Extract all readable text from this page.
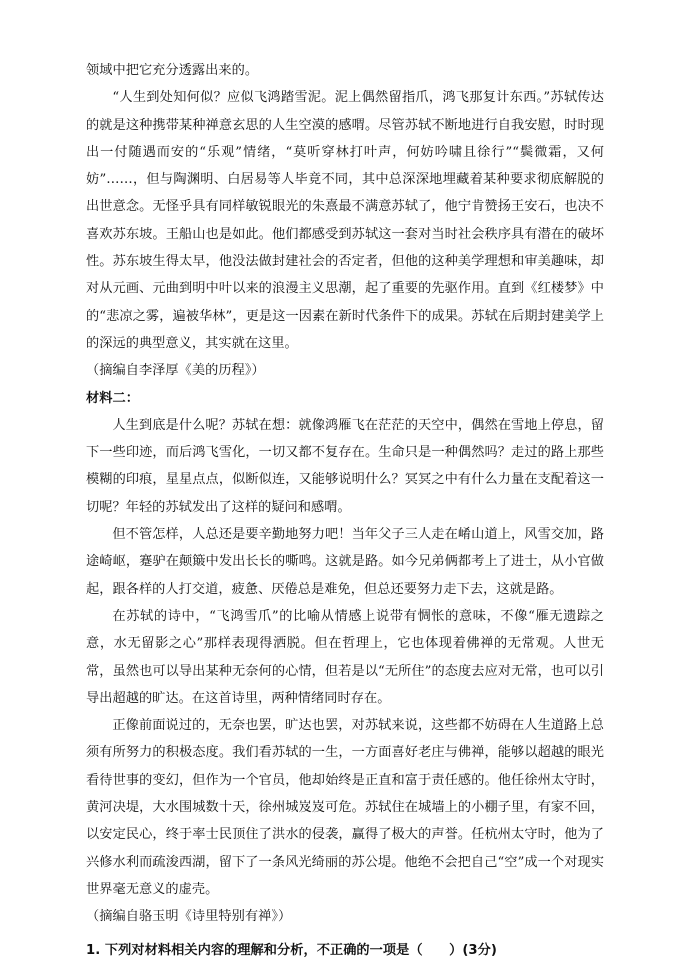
领域中把它充分透露出来的。

“人生到处知何似？应似飞鸿踏雪泥。泥上偶然留指爪，鸿飞那复计东西。”苏轼传达的就是这种携带某种禅意玄思的人生空漠的感喟。尽管苏轼不断地进行自我安慰，时时现出一付随遇而安的“乐观”情绪，“莫听穿林打叶声，何妨吟啸且徐行”“鬓微霜，又何妨”……，但与陶渊明、白居易等人毕竟不同，其中总深深地埋藏着某种要求彻底解脱的出世意念。无怪乎具有同样敏锐眼光的朱熹最不满意苏轼了，他宁肯赞扬王安石，也决不喜欢苏东坡。王船山也是如此。他们都感受到苏轼这一套对当时社会秩序具有潜在的破坏性。苏东坡生得太早，他没法做封建社会的否定者，但他的这种美学理想和审美趣味，却对从元画、元曲到明中叶以来的浪漫主义思潮，起了重要的先驱作用。直到《红楼梦》中的“悲凉之雾，遍被华林”，更是这一因素在新时代条件下的成果。苏轼在后期封建美学上的深远的典型意义，其实就在这里。

（摘编自李泽厚《美的历程》）

材料二：

人生到底是什么呢？苏轼在想：就像鸿雁飞在茫茫的天空中，偶然在雪地上停息，留下一些印迹，而后鸿飞雪化，一切又都不复存在。生命只是一种偶然吗？走过的路上那些模糊的印痕，星星点点，似断似连，又能够说明什么？冥冥之中有什么力量在支配着这一切呢？年轻的苏轼发出了这样的疑问和感喟。

但不管怎样，人总还是要辛勤地努力吧！当年父子三人走在崤山道上，风雪交加，路途崎岖，蹇驴在颠簸中发出长长的嘶鸣。这就是路。如今兄弟俩都考上了进士，从小官做起，跟各样的人打交道，疲惫、厌倦总是难免，但总还要努力走下去，这就是路。

在苏轼的诗中，“飞鸿雪爪”的比喻从情感上说带有惆怅的意味，不像“雁无遗踪之意，水无留影之心”那样表现得洒脱。但在哲理上，它也体现着佛禅的无常观。人世无常，虽然也可以导出某种无奈何的心情，但若是以“无所住”的态度去应对无常，也可以引导出超越的旷达。在这首诗里，两种情绪同时存在。

正像前面说过的，无奈也罢，旷达也罢，对苏轼来说，这些都不妨碍在人生道路上总须有所努力的积极态度。我们看苏轼的一生，一方面喜好老庄与佛禅，能够以超越的眼光看待世事的变幻，但作为一个官员，他却始终是正直和富于责任感的。他任徐州太守时，黄河决堤，大水围城数十天，徐州城岌岌可危。苏轼住在城墙上的小棚子里，有家不回，以安定民心，终于率士民顶住了洪水的侵袭，赢得了极大的声誉。任杭州太守时，他为了兴修水利而疏浚西湖，留下了一条风光绮丽的苏公堤。他绝不会把自己“空”成一个对现实世界毫无意义的虚壳。

（摘编自骆玉明《诗里特别有禅》）

1. 下列对材料相关内容的理解和分析，不正确的一项是（　　）(3分)
